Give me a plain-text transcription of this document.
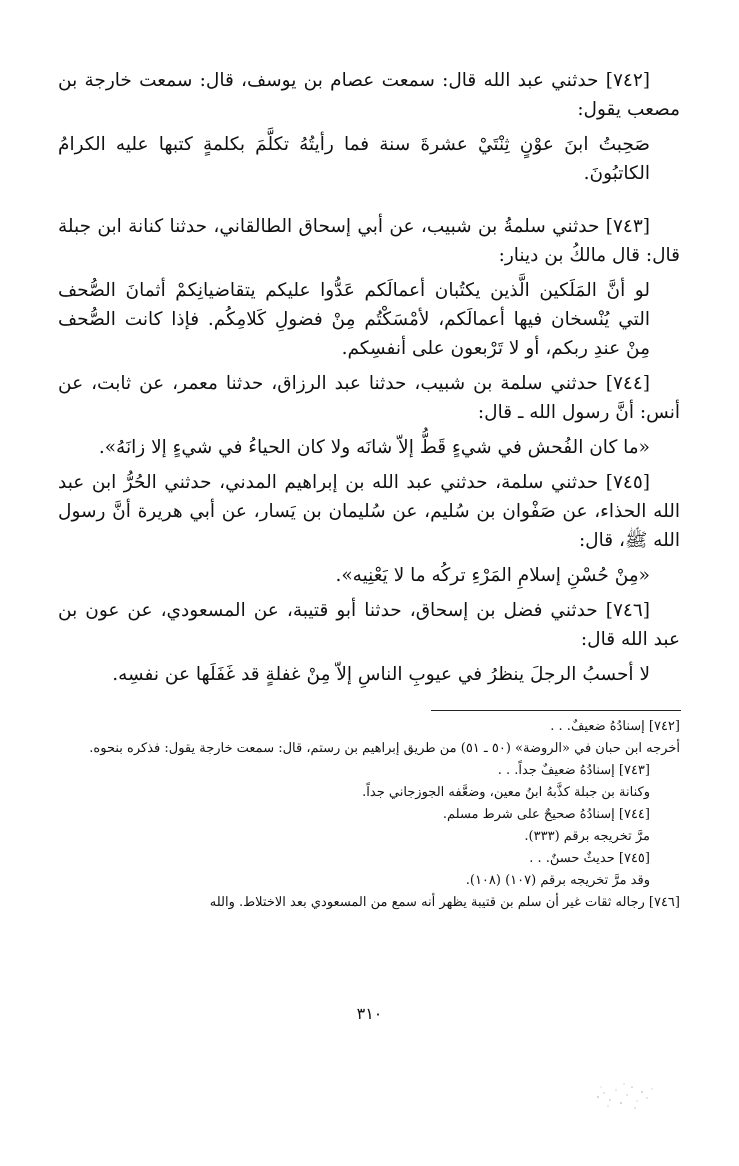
[٧٤٢] حدثني عبد الله قال: سمعت عصام بن يوسف، قال: سمعت خارجة بن مصعب يقول:

صَحِبتُ ابنَ عوْنٍ ثِنْتَيْ عشرةَ سنة فما رأيتُهُ تكلَّمَ بكلمةٍ كتبها عليه الكرامُ الكاتبُونَ.

[٧٤٣] حدثني سلمةُ بن شبيب، عن أبي إسحاق الطالقاني، حدثنا كنانة ابن جبلة قال: قال مالكُ بن دينار:

لو أنَّ المَلَكين الَّذين يكتُبان أعمالَكم عَدُّوا عليكم يتقاضيانِكمْ أثمانَ الصُّحف التي يُنْسخان فيها أعمالَكم، لأمْسَكْتُم مِنْ فضولِ كَلامِكُم. فإذا كانت الصُّحف مِنْ عندِ ربكم، أو لا تَرْبعون على أنفسِكم.

[٧٤٤] حدثني سلمة بن شبيب، حدثنا عبد الرزاق، حدثنا معمر، عن ثابت، عن أنس: أنَّ رسول الله ـ قال:

«ما كان الفُحش في شيءٍ قَطُّ إلاّ شانَه ولا كان الحياءُ في شيءٍ إلا زانَهُ».

[٧٤٥] حدثني سلمة، حدثني عبد الله بن إبراهيم المدني، حدثني الحُرُّ ابن عبد الله الحذاء، عن صَفْوان بن سُليم، عن سُليمان بن يَسار، عن أبي هريرة أنَّ رسول الله ﷺ، قال:

«مِنْ حُسْنِ إسلامِ المَرْءِ تركُه ما لا يَعْنِيه».

[٧٤٦] حدثني فضل بن إسحاق، حدثنا أبو قتيبة، عن المسعودي، عن عون بن عبد الله قال:

لا أحسبُ الرجلَ ينظرُ في عيوبِ الناسِ إلاّ مِنْ غفلةٍ قد غَفَلَها عن نفسِه.

[٧٤٢] إسنادُهُ ضعيفٌ. . .

أخرجه ابن حبان في «الروضة» (٥٠ ـ ٥١) من طريق إبراهيم بن رستم، قال: سمعت خارجة يقول: فذكره بنحوه.

[٧٤٣] إسنادُهُ ضعيفٌ جداً. . .

وكنانة بن جبلة كذَّبهُ ابنُ معين، وضعَّفه الجوزجاني جداً.

[٧٤٤] إسنادُهُ صحيحٌ على شرط مسلم.

مرَّ تخريجه برقم (٣٣٣).

[٧٤٥] حديثٌ حسنٌ. . .

وقد مرَّ تخريجه برقم (١٠٧) (١٠٨).

[٧٤٦] رجاله ثقات غير أن سلم بن قتيبة يظهر أنه سمع من المسعودي بعد الاختلاط. والله

٣١٠
